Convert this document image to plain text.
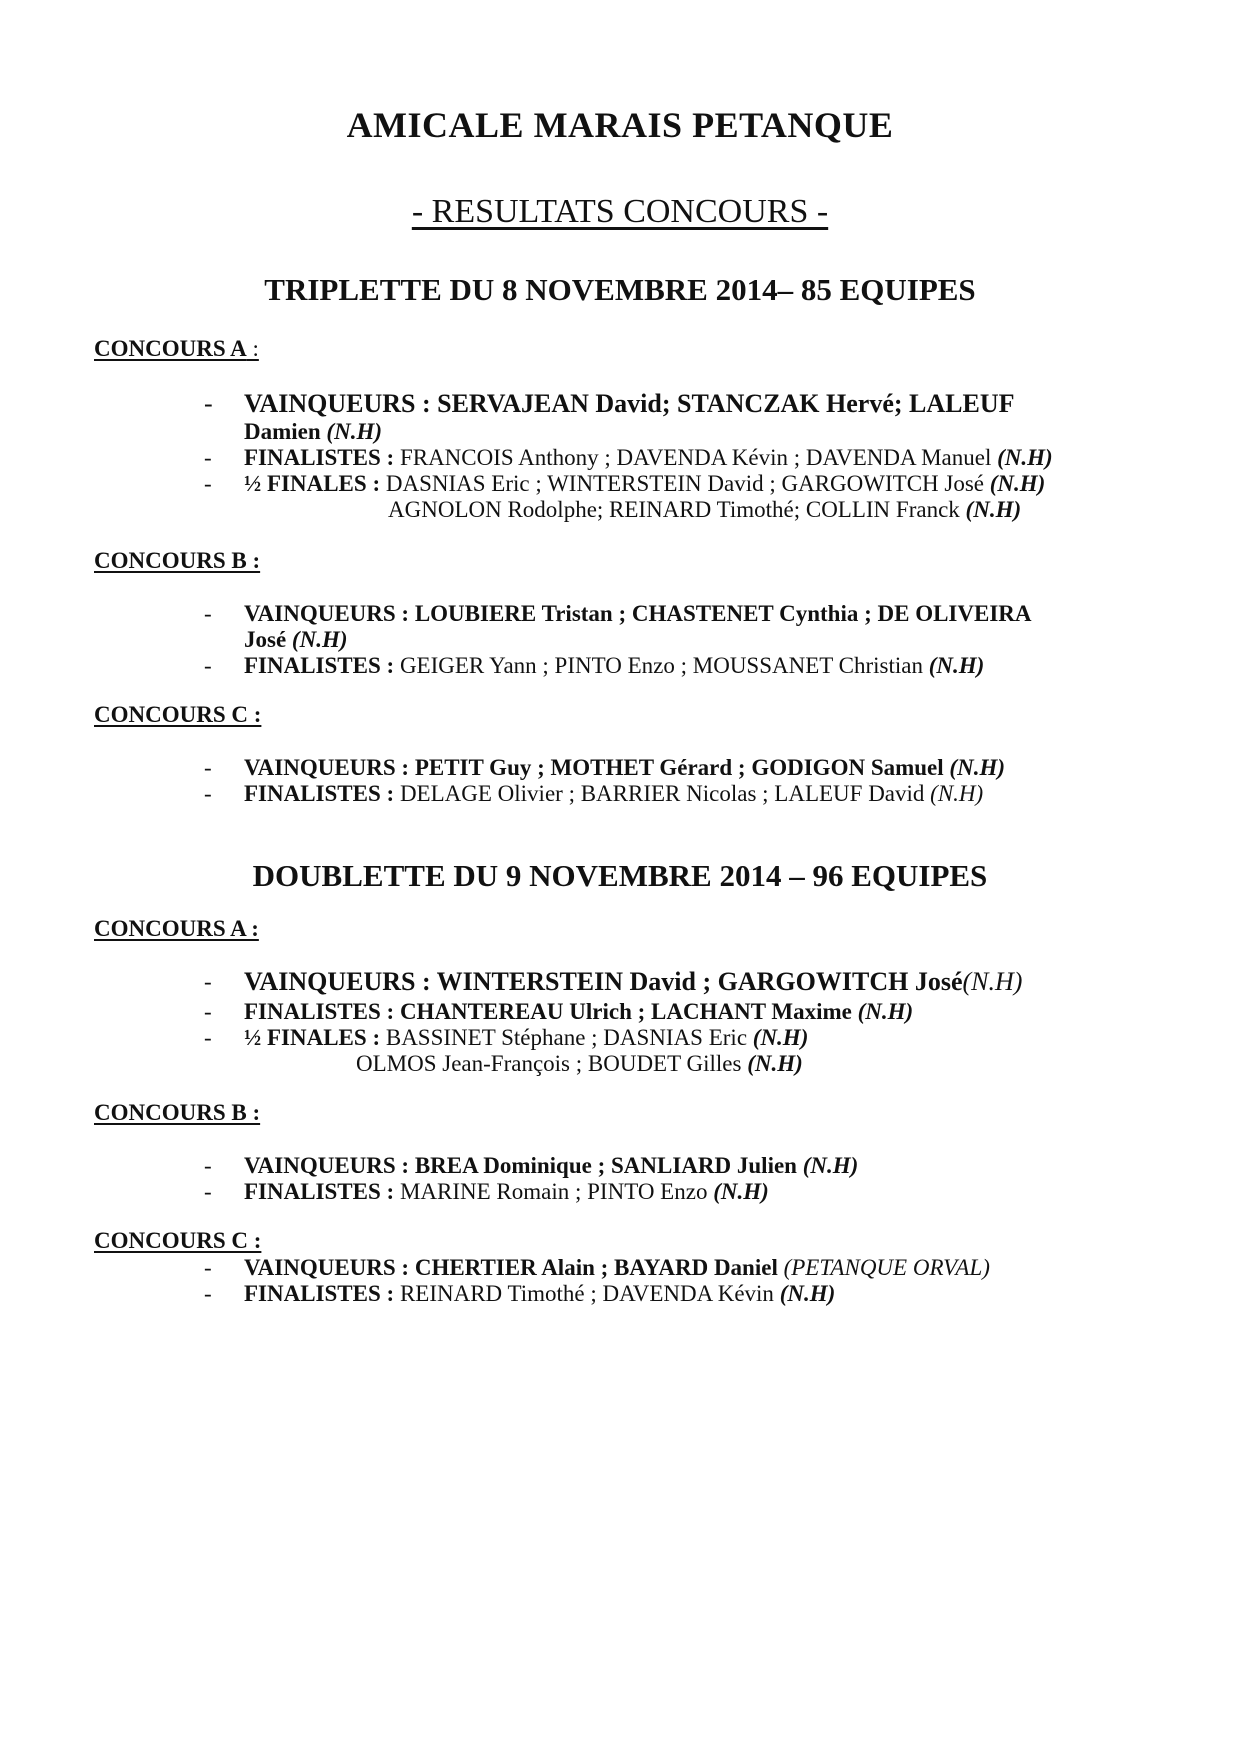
AMICALE MARAIS PETANQUE
- RESULTATS CONCOURS -
TRIPLETTE DU 8 NOVEMBRE 2014– 85 EQUIPES
CONCOURS A :
- VAINQUEURS : SERVAJEAN David; STANCZAK Hervé; LALEUF
Damien (N.H)
- FINALISTES : FRANCOIS Anthony ; DAVENDA Kévin ; DAVENDA Manuel (N.H)
- ½ FINALES : DASNIAS Eric ; WINTERSTEIN David ; GARGOWITCH José (N.H)
AGNOLON Rodolphe; REINARD Timothé; COLLIN Franck (N.H)
CONCOURS B :
- VAINQUEURS : LOUBIERE Tristan ; CHASTENET Cynthia ; DE OLIVEIRA
José (N.H)
- FINALISTES : GEIGER Yann ; PINTO Enzo ; MOUSSANET Christian (N.H)
CONCOURS C :
- VAINQUEURS : PETIT Guy ; MOTHET Gérard ; GODIGON Samuel (N.H)
- FINALISTES : DELAGE Olivier ; BARRIER Nicolas ; LALEUF David (N.H)
DOUBLETTE DU 9 NOVEMBRE 2014 – 96 EQUIPES
CONCOURS A :
- VAINQUEURS : WINTERSTEIN David ; GARGOWITCH José(N.H)
- FINALISTES : CHANTEREAU Ulrich ; LACHANT Maxime (N.H)
- ½ FINALES : BASSINET Stéphane ; DASNIAS Eric (N.H)
OLMOS Jean-François ; BOUDET Gilles (N.H)
CONCOURS B :
- VAINQUEURS : BREA Dominique ; SANLIARD Julien (N.H)
- FINALISTES : MARINE Romain ; PINTO Enzo (N.H)
CONCOURS C :
- VAINQUEURS : CHERTIER Alain ; BAYARD Daniel (PETANQUE ORVAL)
- FINALISTES : REINARD Timothé ; DAVENDA Kévin (N.H)
